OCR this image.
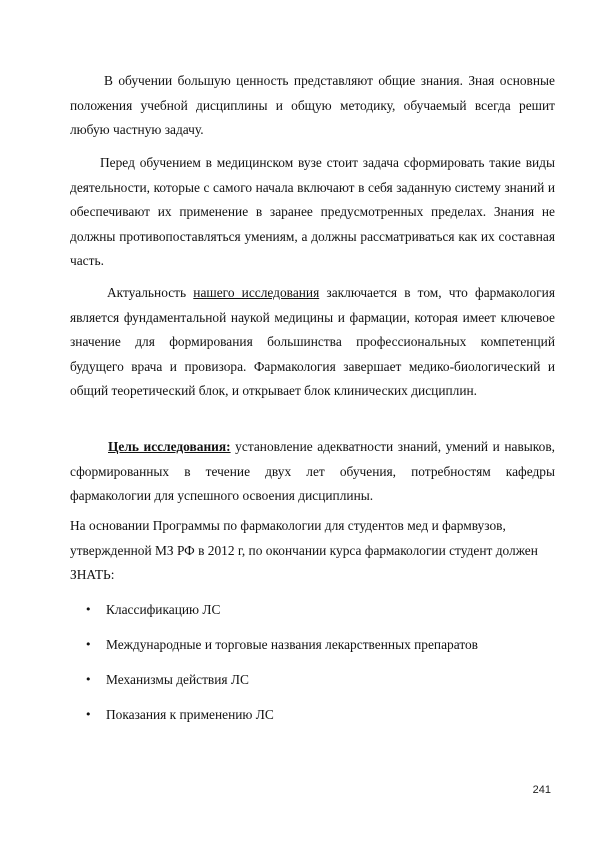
В обучении большую ценность представляют общие знания. Зная основные положения учебной дисциплины и общую методику, обучаемый всегда решит любую частную задачу.

Перед обучением в медицинском вузе стоит задача сформировать такие виды деятельности, которые с самого начала включают в себя заданную систему знаний и обеспечивают их применение в заранее предусмотренных пределах. Знания не должны противопоставляться умениям, а должны рассматриваться как их составная часть.

Актуальность нашего исследования заключается в том, что фармакология является фундаментальной наукой медицины и фармации, которая имеет ключевое значение для формирования большинства профессиональных компетенций будущего врача и провизора. Фармакология завершает медико-биологический и общий теоретический блок, и открывает блок клинических дисциплин.

Цель исследования: установление адекватности знаний, умений и навыков, сформированных в течение двух лет обучения, потребностям кафедры фармакологии для успешного освоения дисциплины.

На основании Программы по фармакологии для студентов мед и фармвузов, утвержденной МЗ РФ в 2012 г, по окончании курса фармакологии студент должен ЗНАТЬ:

• Классификацию ЛС
• Международные и торговые названия лекарственных препаратов
• Механизмы действия ЛС
• Показания к применению ЛС
241
